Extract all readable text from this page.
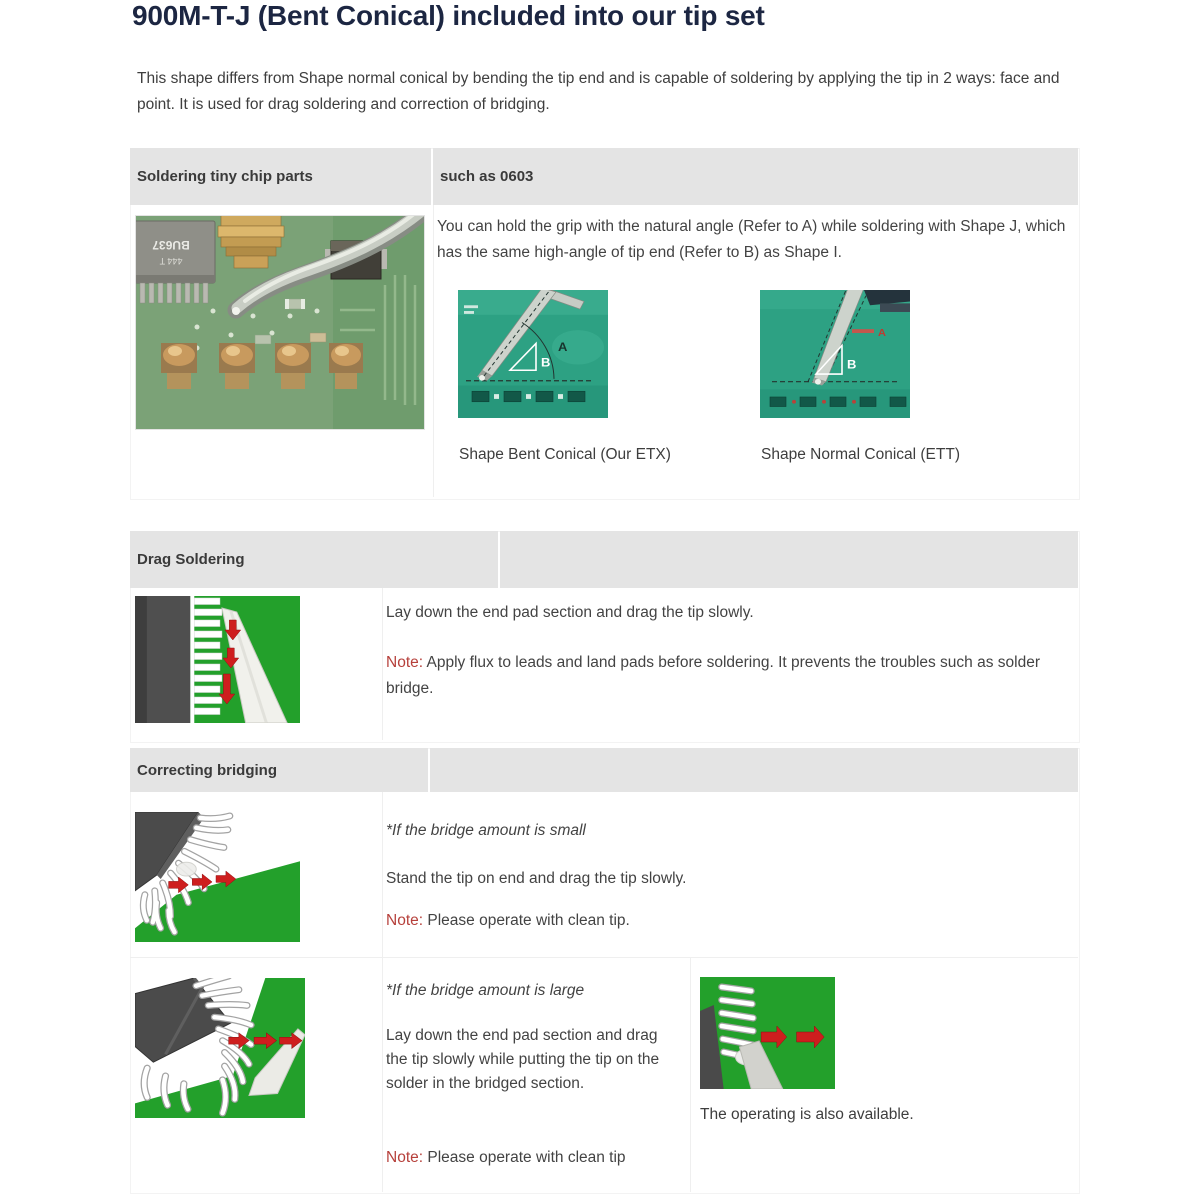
900M-T-J (Bent Conical) included into our tip set
This shape differs from Shape normal conical by bending the tip end and is capable of soldering by applying the tip in 2 ways: face and point. It is used for drag soldering and correction of bridging.
Soldering tiny chip parts	such as 0603
BU637
444 T
You can hold the grip with the natural angle (Refer to A) while soldering with Shape J, which has the same high-angle of tip end (Refer to B) as Shape I.
A
B
A
B
Shape Bent Conical (Our ETX)	Shape Normal Conical (ETT)
Drag Soldering
Lay down the end pad section and drag the tip slowly.
Note: Apply flux to leads and land pads before soldering. It prevents the troubles such as solder bridge.
Correcting bridging
*If the bridge amount is small
Stand the tip on end and drag the tip slowly.
Note: Please operate with clean tip.
*If the bridge amount is large
Lay down the end pad section and drag the tip slowly while putting the tip on the solder in the bridged section.
The operating is also available.
Note: Please operate with clean tip
